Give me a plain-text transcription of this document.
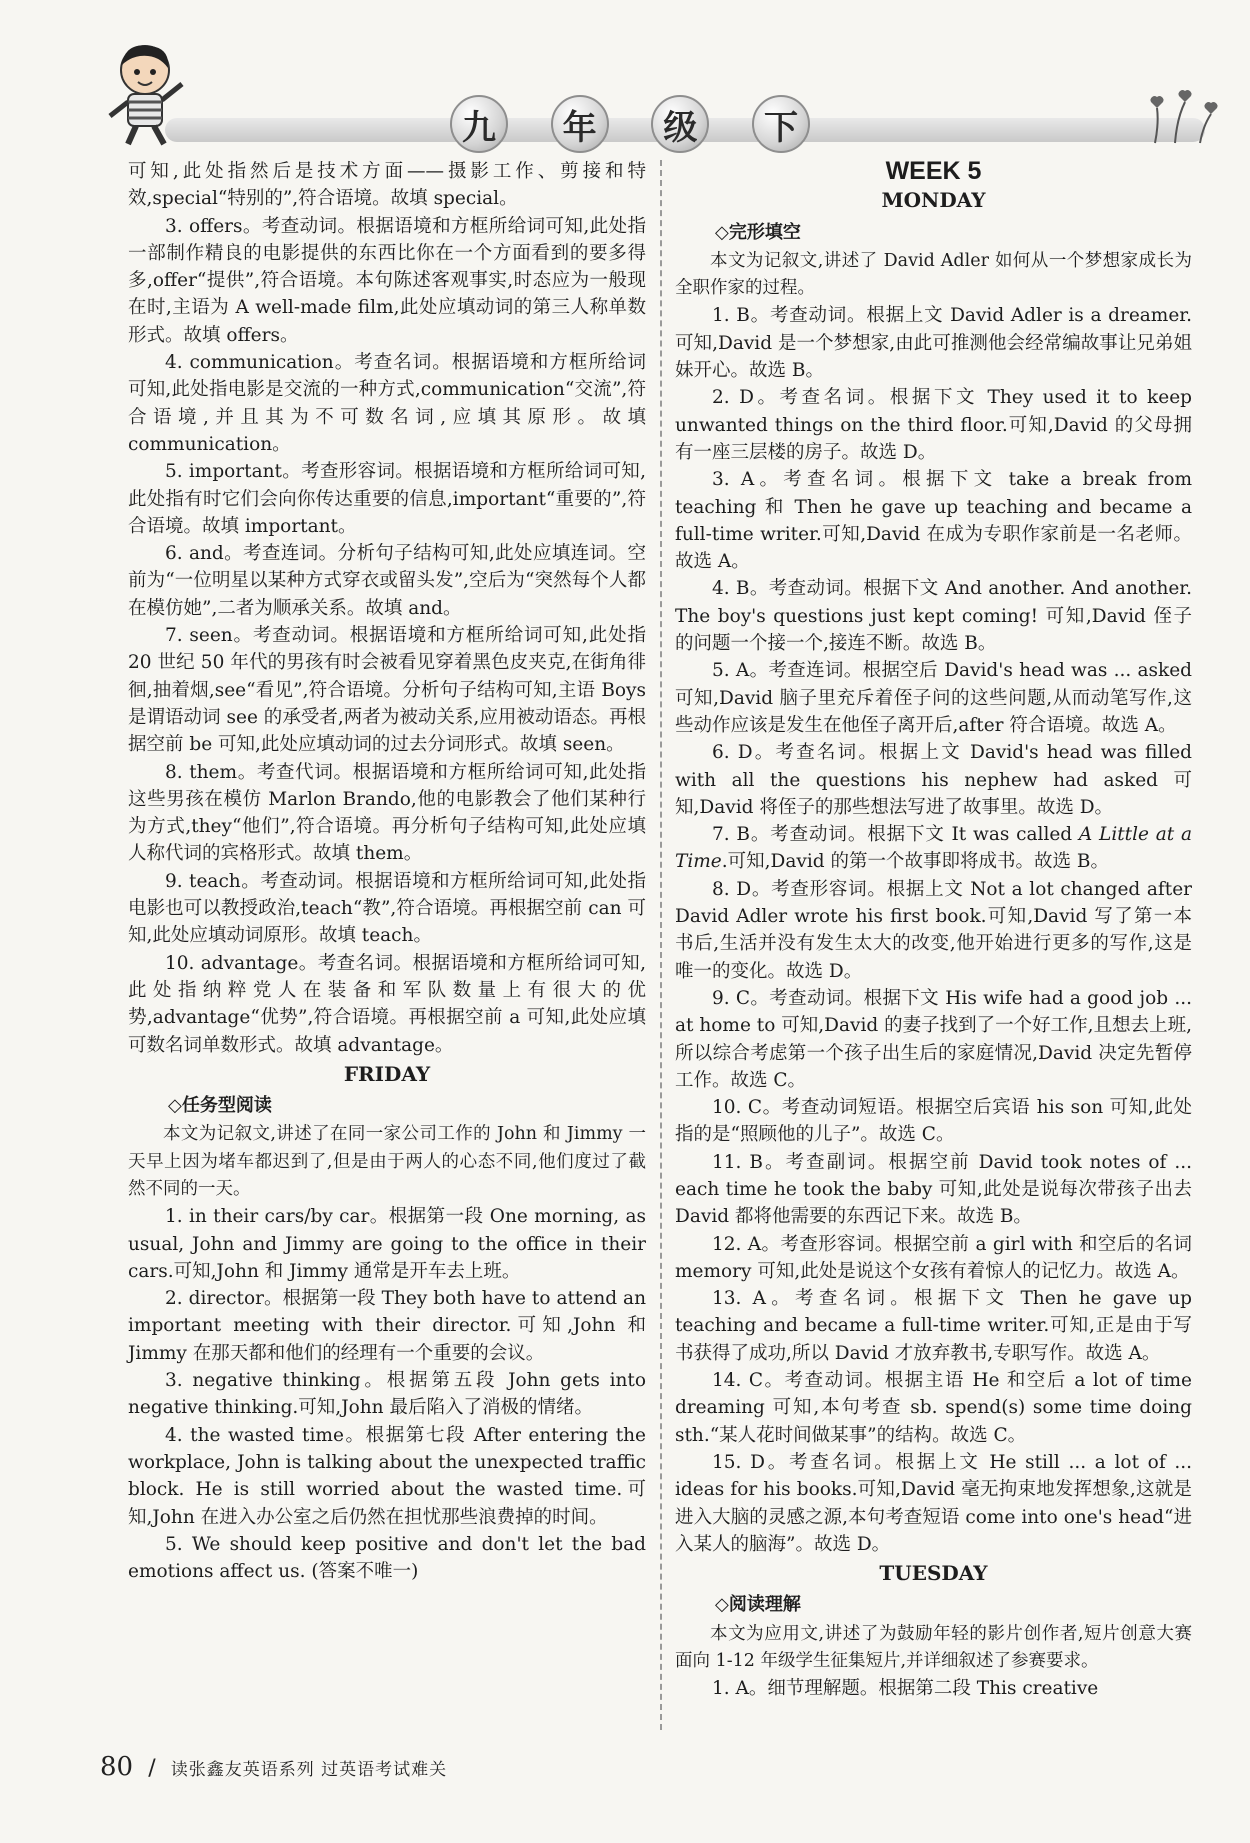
九	年	级	下

可知,此处指然后是技术方面——摄影工作、剪接和特效,special“特别的”,符合语境。故填 special。

3. offers。考查动词。根据语境和方框所给词可知,此处指一部制作精良的电影提供的东西比你在一个方面看到的要多得多,offer“提供”,符合语境。本句陈述客观事实,时态应为一般现在时,主语为 A well-made film,此处应填动词的第三人称单数形式。故填 offers。

4. communication。考查名词。根据语境和方框所给词可知,此处指电影是交流的一种方式,communication“交流”,符合语境,并且其为不可数名词,应填其原形。故填 communication。

5. important。考查形容词。根据语境和方框所给词可知,此处指有时它们会向你传达重要的信息,important“重要的”,符合语境。故填 important。

6. and。考查连词。分析句子结构可知,此处应填连词。空前为“一位明星以某种方式穿衣或留头发”,空后为“突然每个人都在模仿她”,二者为顺承关系。故填 and。

7. seen。考查动词。根据语境和方框所给词可知,此处指 20 世纪 50 年代的男孩有时会被看见穿着黑色皮夹克,在街角徘徊,抽着烟,see“看见”,符合语境。分析句子结构可知,主语 Boys 是谓语动词 see 的承受者,两者为被动关系,应用被动语态。再根据空前 be 可知,此处应填动词的过去分词形式。故填 seen。

8. them。考查代词。根据语境和方框所给词可知,此处指这些男孩在模仿 Marlon Brando,他的电影教会了他们某种行为方式,they“他们”,符合语境。再分析句子结构可知,此处应填人称代词的宾格形式。故填 them。

9. teach。考查动词。根据语境和方框所给词可知,此处指电影也可以教授政治,teach“教”,符合语境。再根据空前 can 可知,此处应填动词原形。故填 teach。

10. advantage。考查名词。根据语境和方框所给词可知,此处指纳粹党人在装备和军队数量上有很大的优势,advantage“优势”,符合语境。再根据空前 a 可知,此处应填可数名词单数形式。故填 advantage。

FRIDAY
◇任务型阅读

本文为记叙文,讲述了在同一家公司工作的 John 和 Jimmy 一天早上因为堵车都迟到了,但是由于两人的心态不同,他们度过了截然不同的一天。

1. in their cars/by car。根据第一段 One morning, as usual, John and Jimmy are going to the office in their cars.可知,John 和 Jimmy 通常是开车去上班。

2. director。根据第一段 They both have to attend an important meeting with their director.可知,John 和 Jimmy 在那天都和他们的经理有一个重要的会议。

3. negative thinking。根据第五段 John gets into negative thinking.可知,John 最后陷入了消极的情绪。

4. the wasted time。根据第七段 After entering the workplace, John is talking about the unexpected traffic block. He is still worried about the wasted time.可知,John 在进入办公室之后仍然在担忧那些浪费掉的时间。

5. We should keep positive and don't let the bad emotions affect us. (答案不唯一)

WEEK 5
MONDAY
◇完形填空

本文为记叙文,讲述了 David Adler 如何从一个梦想家成长为全职作家的过程。

1. B。考查动词。根据上文 David Adler is a dreamer.可知,David 是一个梦想家,由此可推测他会经常编故事让兄弟姐妹开心。故选 B。

2. D。考查名词。根据下文 They used it to keep unwanted things on the third floor.可知,David 的父母拥有一座三层楼的房子。故选 D。

3. A。考查名词。根据下文 take a break from teaching 和 Then he gave up teaching and became a full-time writer.可知,David 在成为专职作家前是一名老师。故选 A。

4. B。考查动词。根据下文 And another. And another. The boy's questions just kept coming! 可知,David 侄子的问题一个接一个,接连不断。故选 B。

5. A。考查连词。根据空后 David's head was ... asked 可知,David 脑子里充斥着侄子问的这些问题,从而动笔写作,这些动作应该是发生在他侄子离开后,after 符合语境。故选 A。

6. D。考查名词。根据上文 David's head was filled with all the questions his nephew had asked 可知,David 将侄子的那些想法写进了故事里。故选 D。

7. B。考查动词。根据下文 It was called A Little at a Time.可知,David 的第一个故事即将成书。故选 B。

8. D。考查形容词。根据上文 Not a lot changed after David Adler wrote his first book.可知,David 写了第一本书后,生活并没有发生太大的改变,他开始进行更多的写作,这是唯一的变化。故选 D。

9. C。考查动词。根据下文 His wife had a good job ... at home to 可知,David 的妻子找到了一个好工作,且想去上班,所以综合考虑第一个孩子出生后的家庭情况,David 决定先暂停工作。故选 C。

10. C。考查动词短语。根据空后宾语 his son 可知,此处指的是“照顾他的儿子”。故选 C。

11. B。考查副词。根据空前 David took notes of ... each time he took the baby 可知,此处是说每次带孩子出去 David 都将他需要的东西记下来。故选 B。

12. A。考查形容词。根据空前 a girl with 和空后的名词 memory 可知,此处是说这个女孩有着惊人的记忆力。故选 A。

13. A。考查名词。根据下文 Then he gave up teaching and became a full-time writer.可知,正是由于写书获得了成功,所以 David 才放弃教书,专职写作。故选 A。

14. C。考查动词。根据主语 He 和空后 a lot of time dreaming 可知,本句考查 sb. spend(s) some time doing sth.“某人花时间做某事”的结构。故选 C。

15. D。考查名词。根据上文 He still ... a lot of ... ideas for his books.可知,David 毫无拘束地发挥想象,这就是进入大脑的灵感之源,本句考查短语 come into one's head“进入某人的脑海”。故选 D。

TUESDAY
◇阅读理解

本文为应用文,讲述了为鼓励年轻的影片创作者,短片创意大赛面向 1-12 年级学生征集短片,并详细叙述了参赛要求。

1. A。细节理解题。根据第二段 This creative

80 / 读张鑫友英语系列 过英语考试难关
